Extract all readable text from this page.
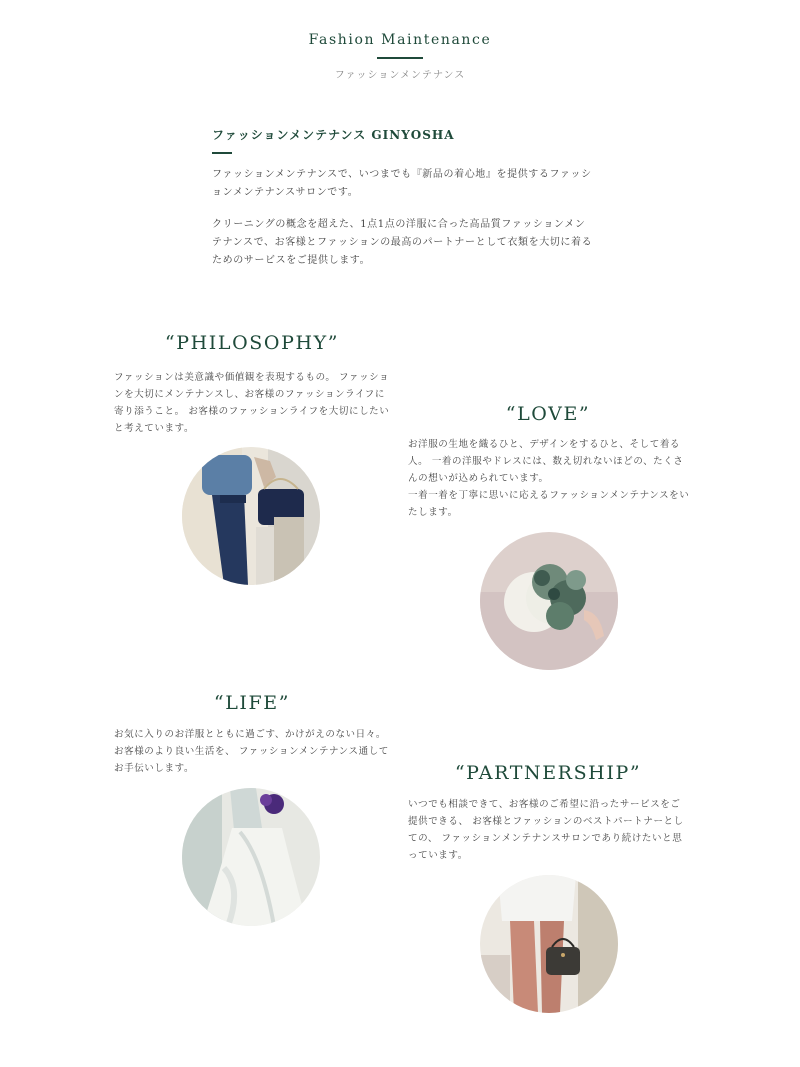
Fashion Maintenance
ファッションメンテナンス
ファッションメンテナンス GINYOSHA

ファッションメンテナンスで、いつまでも『新品の着心地』を提供するファッションメンテナンスサロンです。

クリーニングの概念を超えた、1点1点の洋服に合った高品質ファッションメンテナンスで、お客様とファッションの最高のパートナーとして衣類を大切に着るためのサービスをご提供します。

“PHILOSOPHY”
ファッションは美意識や価値観を表現するもの。 ファッションを大切にメンテナンスし、お客様のファッションライフに寄り添うこと。 お客様のファッションライフを大切にしたいと考えています。
“LOVE”
お洋服の生地を織るひと、デザインをするひと、そして着る人。 一着の洋服やドレスには、数え切れないほどの、たくさんの想いが込められています。
一着一着を丁寧に思いに応えるファッションメンテナンスをいたします。
“LIFE”
お気に入りのお洋服とともに過ごす、かけがえのない日々。 お客様のより良い生活を、 ファッションメンテナンス通してお手伝いします。	“PARTNERSHIP”
いつでも相談できて、お客様のご希望に沿ったサービスをご提供できる、 お客様とファッションのベストパートナーとしての、 ファッションメンテナンスサロンであり続けたいと思っています。
